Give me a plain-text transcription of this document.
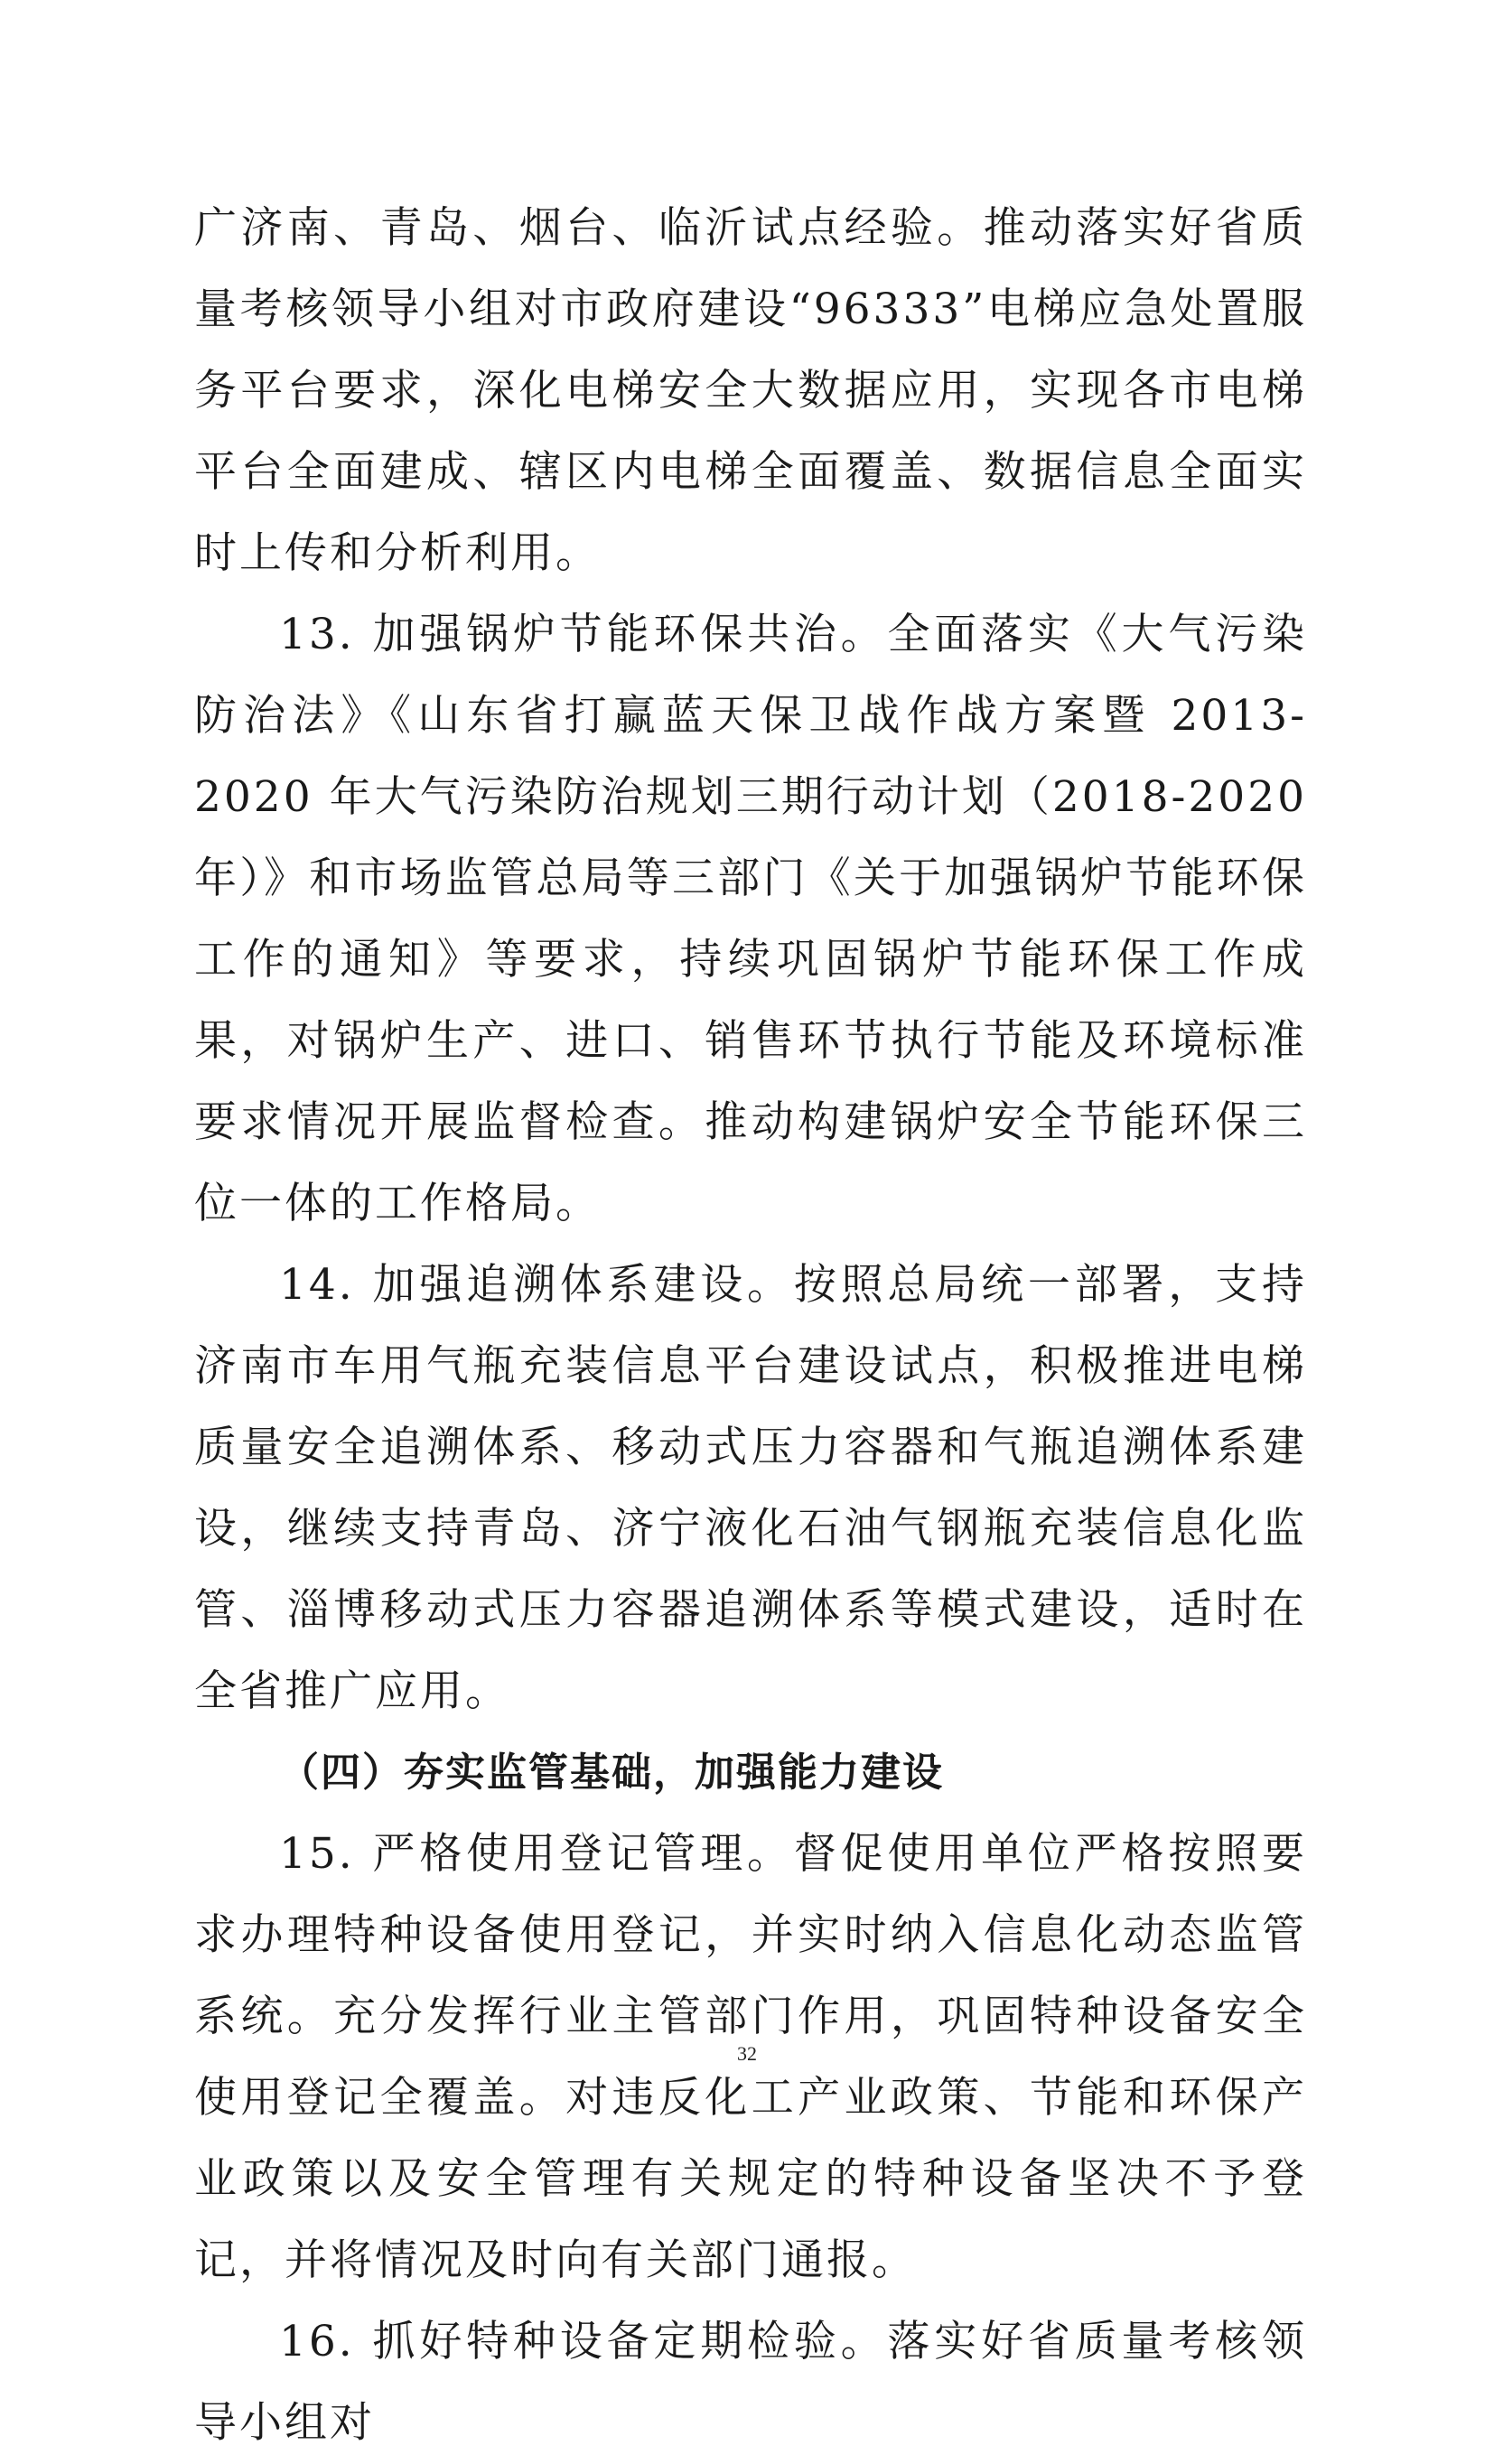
广济南、青岛、烟台、临沂试点经验。推动落实好省质量考核领导小组对市政府建设“96333”电梯应急处置服务平台要求，深化电梯安全大数据应用，实现各市电梯平台全面建成、辖区内电梯全面覆盖、数据信息全面实时上传和分析利用。

13. 加强锅炉节能环保共治。全面落实《大气污染防治法》《山东省打赢蓝天保卫战作战方案暨 2013-2020 年大气污染防治规划三期行动计划（2018-2020 年）》和市场监管总局等三部门《关于加强锅炉节能环保工作的通知》等要求，持续巩固锅炉节能环保工作成果，对锅炉生产、进口、销售环节执行节能及环境标准要求情况开展监督检查。推动构建锅炉安全节能环保三位一体的工作格局。

14. 加强追溯体系建设。按照总局统一部署，支持济南市车用气瓶充装信息平台建设试点，积极推进电梯质量安全追溯体系、移动式压力容器和气瓶追溯体系建设，继续支持青岛、济宁液化石油气钢瓶充装信息化监管、淄博移动式压力容器追溯体系等模式建设，适时在全省推广应用。

（四）夯实监管基础，加强能力建设

15. 严格使用登记管理。督促使用单位严格按照要求办理特种设备使用登记，并实时纳入信息化动态监管系统。充分发挥行业主管部门作用，巩固特种设备安全使用登记全覆盖。对违反化工产业政策、节能和环保产业政策以及安全管理有关规定的特种设备坚决不予登记，并将情况及时向有关部门通报。

16. 抓好特种设备定期检验。落实好省质量考核领导小组对

32
